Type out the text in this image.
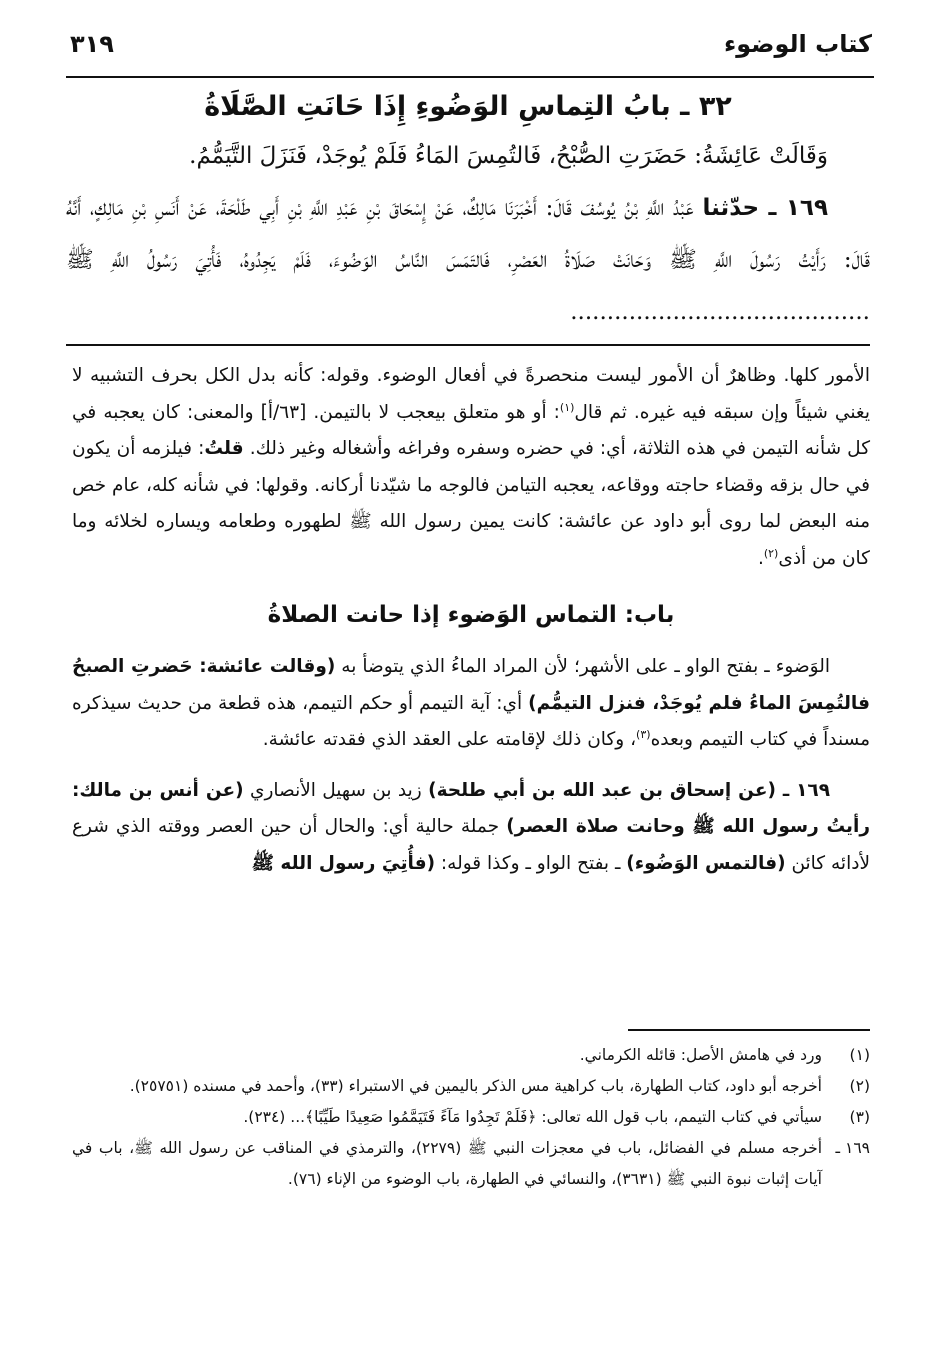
كتاب الوضوء
٣١٩
٣٢ ـ بابُ التِماسِ الوَضُوءِ إِذَا حَانَتِ الصَّلَاةُ

وَقَالَتْ عَائِشَةُ: حَضَرَتِ الصُّبْحُ، فَالتُمِسَ المَاءُ فَلَمْ يُوجَدْ، فَنَزَلَ التَّيَمُّمُ.

١٦٩ ـ حدّثنا عَبْدُ اللَّهِ بْنُ يُوسُفَ قَالَ: أَخْبَرَنَا مَالِكٌ، عَنْ إِسْحَاقَ بْنِ عَبْدِ اللَّهِ بْنِ أَبِي طَلْحَةَ، عَنْ أَنَسِ بْنِ مَالِكٍ، أَنَّهُ قَالَ: رَأَيْتُ رَسُولَ اللَّهِ ﷺ وَحَانَتْ صَلَاةُ العَصْرِ، فَالتَمَسَ النَّاسُ الوَضُوءَ، فَلَمْ يَجِدُوهُ، فَأُتِيَ رَسُولُ اللَّهِ ﷺ .........................................

الأمور كلها. وظاهرٌ أن الأمور ليست منحصرةً في أفعال الوضوء. وقوله: كأنه بدل الكل بحرف التشبيه لا يغني شيئاً وإن سبقه فيه غيره. ثم قال$^{(١)}$: أو هو متعلق بيعجب لا بالتيمن. [٦٣/أ] والمعنى: كان يعجبه في كل شأنه التيمن في هذه الثلاثة، أي: في حضره وسفره وفراغه وأشغاله وغير ذلك. قلتُ: فيلزمه أن يكون في حال بزقه وقضاء حاجته ووقاعه، يعجبه التيامن فالوجه ما شيّدنا أركانه. وقولها: في شأنه كله، عام خص منه البعض لما روى أبو داود عن عائشة: كانت يمين رسول الله ﷺ لطهوره وطعامه ويساره لخلائه وما كان من أذى$^{(٢)}$.

باب: التماس الوَضوء إذا حانت الصلاةُ

الوَضوء ـ بفتح الواو ـ على الأشهر؛ لأن المراد الماءُ الذي يتوضأ به (وقالت عائشة: حَضرتِ الصبحُ فالتُمِسَ الماءُ فلم يُوجَدْ، فنزل التيمُّم) أي: آية التيمم أو حكم التيمم، هذه قطعة من حديث سيذكره مسنداً في كتاب التيمم وبعده$^{(٣)}$، وكان ذلك لإقامته على العقد الذي فقدته عائشة.

١٦٩ ـ (عن إسحاق بن عبد الله بن أبي طلحة) زيد بن سهيل الأنصاري (عن أنس بن مالك: رأيتُ رسول الله ﷺ وحانت صلاة العصر) جملة حالية أي: والحال أن حين العصر ووقته الذي شرع لأدائه كائن (فالتمس الوَضُوء) ـ بفتح الواو ـ وكذا قوله: (فأُتِيَ رسول الله ﷺ

(١)
ورد في هامش الأصل: قائله الكرماني.
(٢)
أخرجه أبو داود، كتاب الطهارة، باب كراهية مس الذكر باليمين في الاستبراء (٣٣)، وأحمد في مسنده (٢٥٧٥١).
(٣)
سيأتي في كتاب التيمم، باب قول الله تعالى: ﴿فَلَمْ تَجِدُوا مَآءً فَتَيَمَّمُوا صَعِيدًا طَيِّبًا﴾... (٢٣٤).
١٦٩ ـ
أخرجه مسلم في الفضائل، باب في معجزات النبي ﷺ (٢٢٧٩)، والترمذي في المناقب عن رسول الله ﷺ، باب في آيات إثبات نبوة النبي ﷺ (٣٦٣١)، والنسائي في الطهارة، باب الوضوء من الإناء (٧٦).
